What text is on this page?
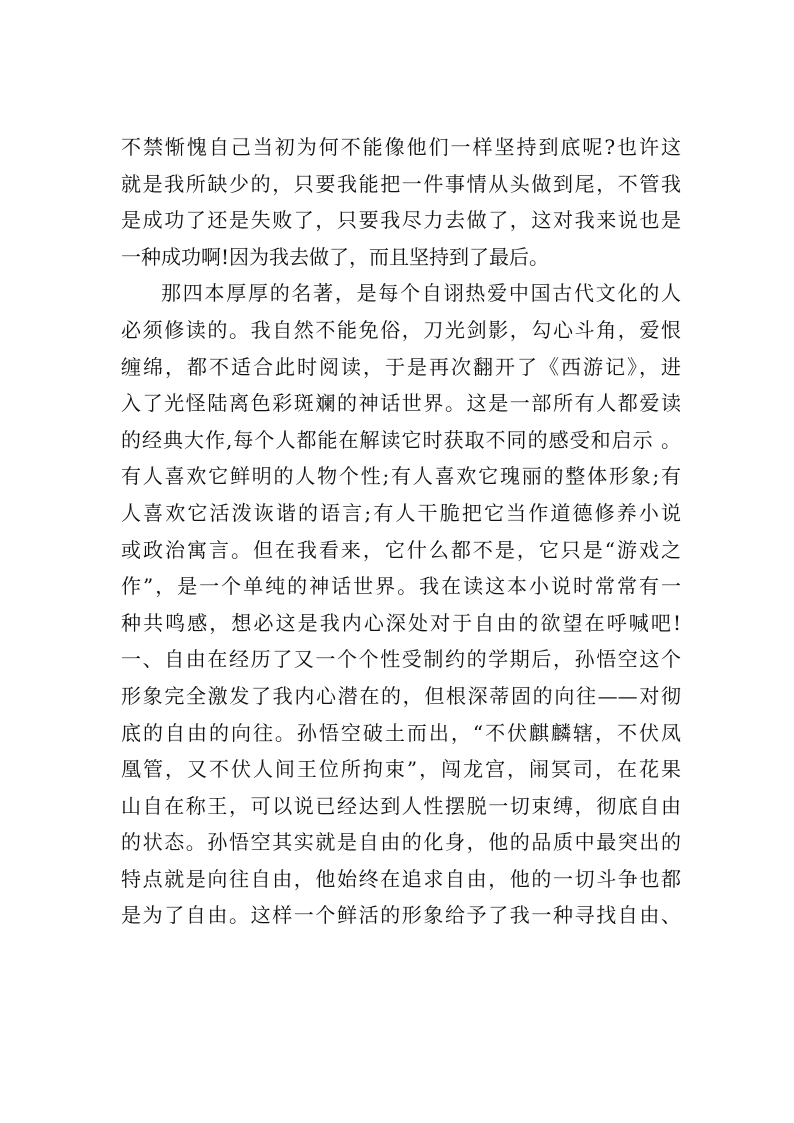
不禁惭愧自己当初为何不能像他们一样坚持到底呢?也许这
就是我所缺少的，只要我能把一件事情从头做到尾，不管我
是成功了还是失败了，只要我尽力去做了，这对我来说也是
一种成功啊!因为我去做了，而且坚持到了最后。
那四本厚厚的名著，是每个自诩热爱中国古代文化的人
必须修读的。我自然不能免俗，刀光剑影，勾心斗角，爱恨
缠绵，都不适合此时阅读，于是再次翻开了《西游记》，进
入了光怪陆离色彩斑斓的神话世界。这是一部所有人都爱读
的经典大作,每个人都能在解读它时获取不同的感受和启示 。
有人喜欢它鲜明的人物个性;有人喜欢它瑰丽的整体形象;有
人喜欢它活泼诙谐的语言;有人干脆把它当作道德修养小说
或政治寓言。但在我看来，它什么都不是，它只是“游戏之
作”，是一个单纯的神话世界。我在读这本小说时常常有一
种共鸣感，想必这是我内心深处对于自由的欲望在呼喊吧!
一、自由在经历了又一个个性受制约的学期后，孙悟空这个
形象完全激发了我内心潜在的，但根深蒂固的向往——对彻
底的自由的向往。孙悟空破土而出，“不伏麒麟辖，不伏凤
凰管，又不伏人间王位所拘束”，闯龙宫，闹冥司，在花果
山自在称王，可以说已经达到人性摆脱一切束缚，彻底自由
的状态。孙悟空其实就是自由的化身，他的品质中最突出的
特点就是向往自由，他始终在追求自由，他的一切斗争也都
是为了自由。这样一个鲜活的形象给予了我一种寻找自由、
